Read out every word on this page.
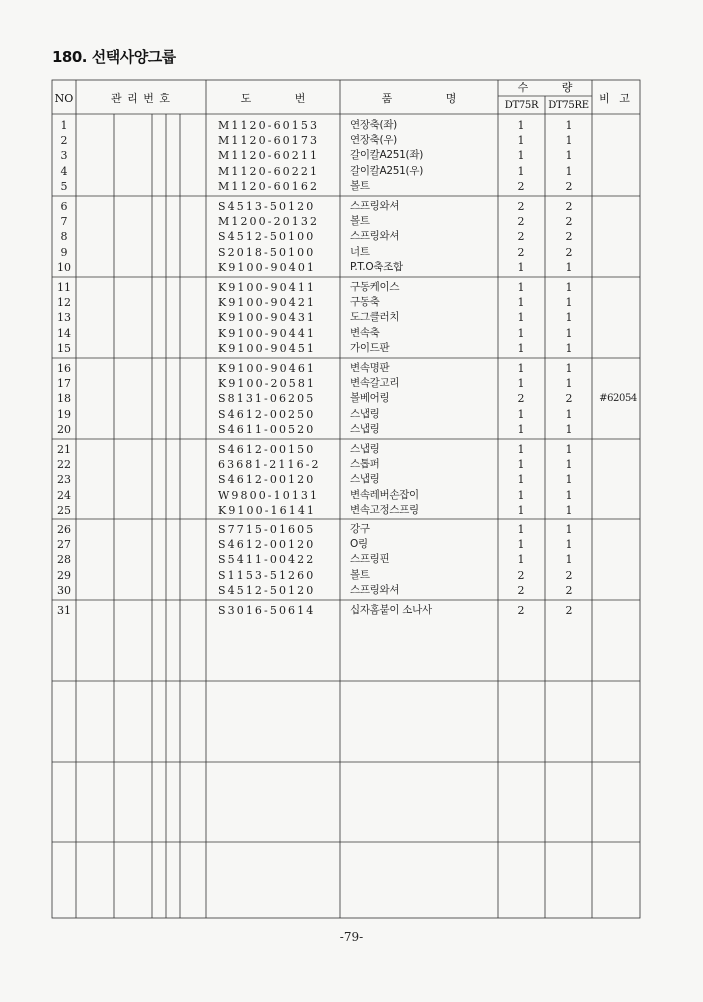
180. 선택사양그룹
NO	관 리 번 호	도 번	품 명
수 량
DT75R	DT75RE
비 고
1	M1120-60153	연장축(좌)	1	1
2	M1120-60173	연장축(우)	1	1
3	M1120-60211	갈이칼A251(좌)	1	1
4	M1120-60221	갈이칼A251(우)	1	1
5	M1120-60162	볼트	2	2
6	S4513-50120	스프링와셔	2	2
7	M1200-20132	볼트	2	2
8	S4512-50100	스프링와셔	2	2
9	S2018-50100	너트	2	2
10	K9100-90401	P.T.O축조합	1	1
11	K9100-90411	구동케이스	1	1
12	K9100-90421	구동축	1	1
13	K9100-90431	도그클러치	1	1
14	K9100-90441	변속축	1	1
15	K9100-90451	가이드판	1	1
16	K9100-90461	변속명판	1	1
17	K9100-20581	변속갈고리	1	1
18	S8131-06205	볼베어링	2	2	#62054
19	S4612-00250	스냅링	1	1
20	S4611-00520	스냅링	1	1
21	S4612-00150	스냅링	1	1
22	63681-2116-2	스톱퍼	1	1
23	S4612-00120	스냅링	1	1
24	W9800-10131	변속레버손잡이	1	1
25	K9100-16141	변속고정스프링	1	1
26	S7715-01605	강구	1	1
27	S4612-00120	O링	1	1
28	S5411-00422	스프링핀	1	1
29	S1153-51260	볼트	2	2
30	S4512-50120	스프링와셔	2	2
31	S3016-50614	십자홈붙이 소나사	2	2
-79-
